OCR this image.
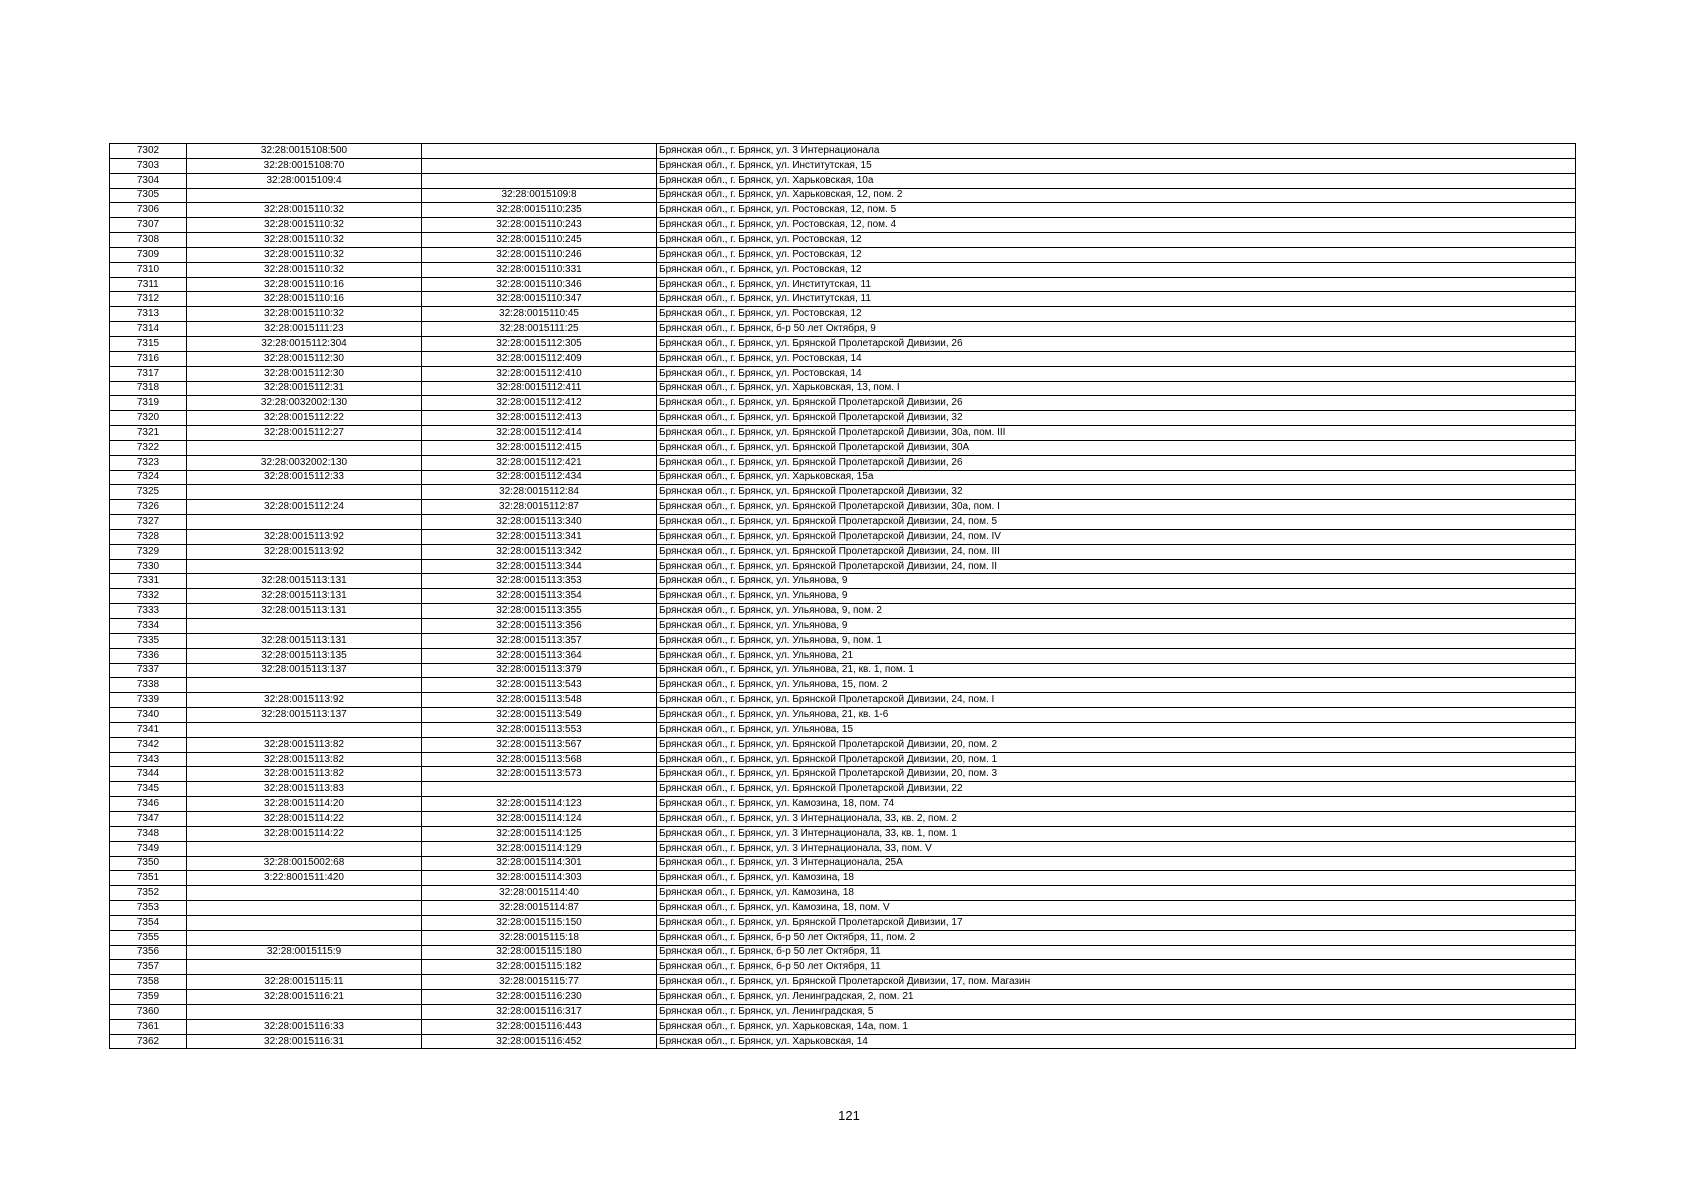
7302	32:28:0015108:500		Брянская обл., г. Брянск, ул. 3 Интернационала
7303	32:28:0015108:70		Брянская обл., г. Брянск, ул. Институтская, 15
7304	32:28:0015109:4		Брянская обл., г. Брянск, ул. Харьковская, 10а
7305		32:28:0015109:8	Брянская обл., г. Брянск, ул. Харьковская, 12, пом. 2
7306	32:28:0015110:32	32:28:0015110:235	Брянская обл., г. Брянск, ул. Ростовская, 12, пом. 5
7307	32:28:0015110:32	32:28:0015110:243	Брянская обл., г. Брянск, ул. Ростовская, 12, пом. 4
7308	32:28:0015110:32	32:28:0015110:245	Брянская обл., г. Брянск, ул. Ростовская, 12
7309	32:28:0015110:32	32:28:0015110:246	Брянская обл., г. Брянск, ул. Ростовская, 12
7310	32:28:0015110:32	32:28:0015110:331	Брянская обл., г. Брянск, ул. Ростовская, 12
7311	32:28:0015110:16	32:28:0015110:346	Брянская обл., г. Брянск, ул. Институтская, 11
7312	32:28:0015110:16	32:28:0015110:347	Брянская обл., г. Брянск, ул. Институтская, 11
7313	32:28:0015110:32	32:28:0015110:45	Брянская обл., г. Брянск, ул. Ростовская, 12
7314	32:28:0015111:23	32:28:0015111:25	Брянская обл., г. Брянск, б-р 50 лет Октября, 9
7315	32:28:0015112:304	32:28:0015112:305	Брянская обл., г. Брянск, ул. Брянской Пролетарской Дивизии, 26
7316	32:28:0015112:30	32:28:0015112:409	Брянская обл., г. Брянск, ул. Ростовская, 14
7317	32:28:0015112:30	32:28:0015112:410	Брянская обл., г. Брянск, ул. Ростовская, 14
7318	32:28:0015112:31	32:28:0015112:411	Брянская обл., г. Брянск, ул. Харьковская, 13, пом. I
7319	32:28:0032002:130	32:28:0015112:412	Брянская обл., г. Брянск, ул. Брянской Пролетарской Дивизии, 26
7320	32:28:0015112:22	32:28:0015112:413	Брянская обл., г. Брянск, ул. Брянской Пролетарской Дивизии, 32
7321	32:28:0015112:27	32:28:0015112:414	Брянская обл., г. Брянск, ул. Брянской Пролетарской Дивизии, 30а, пом. III
7322		32:28:0015112:415	Брянская обл., г. Брянск, ул. Брянской Пролетарской Дивизии, 30А
7323	32:28:0032002:130	32:28:0015112:421	Брянская обл., г. Брянск, ул. Брянской Пролетарской Дивизии, 26
7324	32:28:0015112:33	32:28:0015112:434	Брянская обл., г. Брянск, ул. Харьковская, 15а
7325		32:28:0015112:84	Брянская обл., г. Брянск, ул. Брянской Пролетарской Дивизии, 32
7326	32:28:0015112:24	32:28:0015112:87	Брянская обл., г. Брянск, ул. Брянской Пролетарской Дивизии, 30а, пом. I
7327		32:28:0015113:340	Брянская обл., г. Брянск, ул. Брянской Пролетарской Дивизии, 24, пом. 5
7328	32:28:0015113:92	32:28:0015113:341	Брянская обл., г. Брянск, ул. Брянской Пролетарской Дивизии, 24, пом. IV
7329	32:28:0015113:92	32:28:0015113:342	Брянская обл., г. Брянск, ул. Брянской Пролетарской Дивизии, 24, пом. III
7330		32:28:0015113:344	Брянская обл., г. Брянск, ул. Брянской Пролетарской Дивизии, 24, пом. II
7331	32:28:0015113:131	32:28:0015113:353	Брянская обл., г. Брянск, ул. Ульянова, 9
7332	32:28:0015113:131	32:28:0015113:354	Брянская обл., г. Брянск, ул. Ульянова, 9
7333	32:28:0015113:131	32:28:0015113:355	Брянская обл., г. Брянск, ул. Ульянова, 9, пом. 2
7334		32:28:0015113:356	Брянская обл., г. Брянск, ул. Ульянова, 9
7335	32:28:0015113:131	32:28:0015113:357	Брянская обл., г. Брянск, ул. Ульянова, 9, пом. 1
7336	32:28:0015113:135	32:28:0015113:364	Брянская обл., г. Брянск, ул. Ульянова, 21
7337	32:28:0015113:137	32:28:0015113:379	Брянская обл., г. Брянск, ул. Ульянова, 21, кв. 1, пом. 1
7338		32:28:0015113:543	Брянская обл., г. Брянск, ул. Ульянова, 15, пом. 2
7339	32:28:0015113:92	32:28:0015113:548	Брянская обл., г. Брянск, ул. Брянской Пролетарской Дивизии, 24, пом. I
7340	32:28:0015113:137	32:28:0015113:549	Брянская обл., г. Брянск, ул. Ульянова, 21, кв. 1-6
7341		32:28:0015113:553	Брянская обл., г. Брянск, ул. Ульянова, 15
7342	32:28:0015113:82	32:28:0015113:567	Брянская обл., г. Брянск, ул. Брянской Пролетарской Дивизии, 20, пом. 2
7343	32:28:0015113:82	32:28:0015113:568	Брянская обл., г. Брянск, ул. Брянской Пролетарской Дивизии, 20, пом. 1
7344	32:28:0015113:82	32:28:0015113:573	Брянская обл., г. Брянск, ул. Брянской Пролетарской Дивизии, 20, пом. 3
7345	32:28:0015113:83		Брянская обл., г. Брянск, ул. Брянской Пролетарской Дивизии, 22
7346	32:28:0015114:20	32:28:0015114:123	Брянская обл., г. Брянск, ул. Камозина, 18, пом. 74
7347	32:28:0015114:22	32:28:0015114:124	Брянская обл., г. Брянск, ул. 3 Интернационала, 33, кв. 2, пом. 2
7348	32:28:0015114:22	32:28:0015114:125	Брянская обл., г. Брянск, ул. 3 Интернационала, 33, кв. 1, пом. 1
7349		32:28:0015114:129	Брянская обл., г. Брянск, ул. 3 Интернационала, 33, пом. V
7350	32:28:0015002:68	32:28:0015114:301	Брянская обл., г. Брянск, ул. 3 Интернационала, 25А
7351	3:22:8001511:420	32:28:0015114:303	Брянская обл., г. Брянск, ул. Камозина, 18
7352		32:28:0015114:40	Брянская обл., г. Брянск, ул. Камозина, 18
7353		32:28:0015114:87	Брянская обл., г. Брянск, ул. Камозина, 18, пом. V
7354		32:28:0015115:150	Брянская обл., г. Брянск, ул. Брянской Пролетарской Дивизии, 17
7355		32:28:0015115:18	Брянская обл., г. Брянск, б-р 50 лет Октября, 11, пом. 2
7356	32:28:0015115:9	32:28:0015115:180	Брянская обл., г. Брянск, б-р 50 лет Октября, 11
7357		32:28:0015115:182	Брянская обл., г. Брянск, б-р 50 лет Октября, 11
7358	32:28:0015115:11	32:28:0015115:77	Брянская обл., г. Брянск, ул. Брянской Пролетарской Дивизии, 17, пом. Магазин
7359	32:28:0015116:21	32:28:0015116:230	Брянская обл., г. Брянск, ул. Ленинградская, 2, пом. 21
7360		32:28:0015116:317	Брянская обл., г. Брянск, ул. Ленинградская, 5
7361	32:28:0015116:33	32:28:0015116:443	Брянская обл., г. Брянск, ул. Харьковская, 14а, пом. 1
7362	32:28:0015116:31	32:28:0015116:452	Брянская обл., г. Брянск, ул. Харьковская, 14
121
